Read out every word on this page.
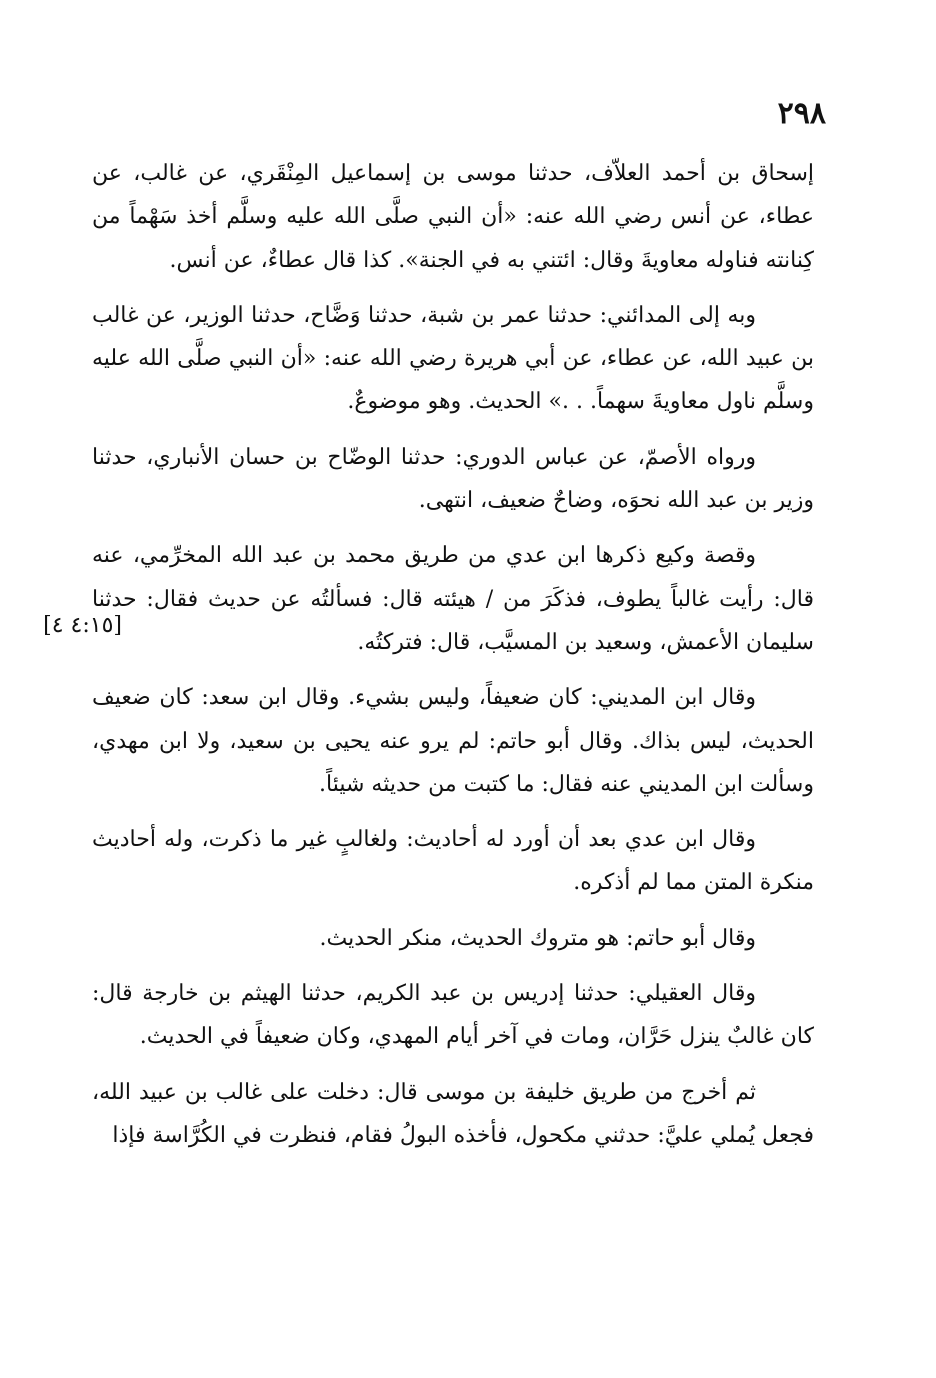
٢٩٨
[٤:١٥ ٤]

إسحاق بن أحمد العلاّف، حدثنا موسى بن إسماعيل المِنْقَري، عن غالب، عن عطاء، عن أنس رضي الله عنه: «أن النبي صلَّى الله عليه وسلَّم أخذ سَهْماً من كِنانته فناوله معاويةَ وقال: ائتني به في الجنة». كذا قال عطاءٌ، عن أنس.

وبه إلى المدائني: حدثنا عمر بن شبة، حدثنا وَضَّاح، حدثنا الوزير، عن غالب بن عبيد الله، عن عطاء، عن أبي هريرة رضي الله عنه: «أن النبي صلَّى الله عليه وسلَّم ناول معاويةَ سهماً. . .» الحديث. وهو موضوعٌ.

ورواه الأصمّ، عن عباس الدوري: حدثنا الوضّاح بن حسان الأنباري، حدثنا وزير بن عبد الله نحوَه، وضاحٌ ضعيف، انتهى.

وقصة وكيع ذكرها ابن عدي من طريق محمد بن عبد الله المخرِّمي، عنه قال: رأيت غالباً يطوف، فذكَرَ من / هيئته قال: فسألتُه عن حديث فقال: حدثنا سليمان الأعمش، وسعيد بن المسيَّب، قال: فتركتُه.

وقال ابن المديني: كان ضعيفاً، وليس بشيء. وقال ابن سعد: كان ضعيف الحديث، ليس بذاك. وقال أبو حاتم: لم يرو عنه يحيى بن سعيد، ولا ابن مهدي، وسألت ابن المديني عنه فقال: ما كتبت من حديثه شيئاً.

وقال ابن عدي بعد أن أورد له أحاديث: ولغالبٍ غير ما ذكرت، وله أحاديث منكرة المتن مما لم أذكره.

وقال أبو حاتم: هو متروك الحديث، منكر الحديث.

وقال العقيلي: حدثنا إدريس بن عبد الكريم، حدثنا الهيثم بن خارجة قال: كان غالبٌ ينزل حَرَّان، ومات في آخر أيام المهدي، وكان ضعيفاً في الحديث.

ثم أخرج من طريق خليفة بن موسى قال: دخلت على غالب بن عبيد الله، فجعل يُملي عليَّ: حدثني مكحول، فأخذه البولُ فقام، فنظرت في الكُرَّاسة فإذا
